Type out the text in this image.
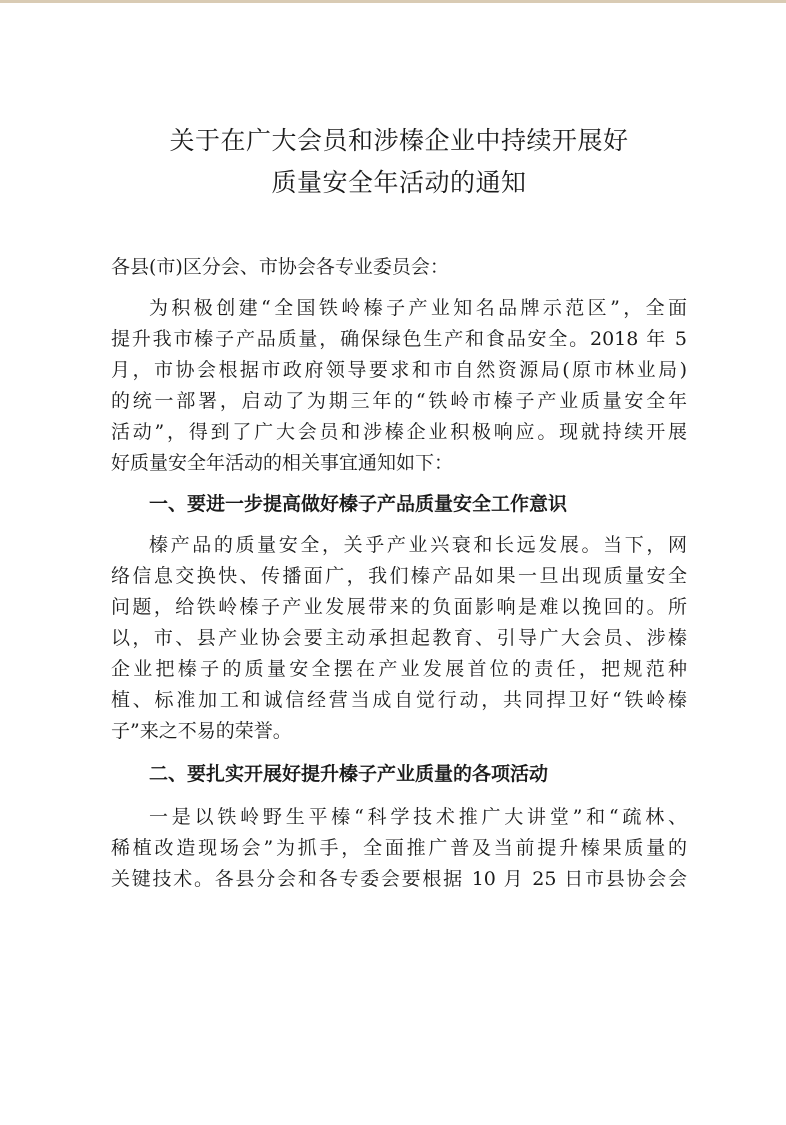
关于在广大会员和涉榛企业中持续开展好
质量安全年活动的通知

各县(市)区分会、市协会各专业委员会：

为积极创建“全国铁岭榛子产业知名品牌示范区”，全面
提升我市榛子产品质量，确保绿色生产和食品安全。2018 年 5
月，市协会根据市政府领导要求和市自然资源局(原市林业局)
的统一部署，启动了为期三年的“铁岭市榛子产业质量安全年
活动”，得到了广大会员和涉榛企业积极响应。现就持续开展
好质量安全年活动的相关事宜通知如下：

一、要进一步提高做好榛子产品质量安全工作意识

榛产品的质量安全，关乎产业兴衰和长远发展。当下，网
络信息交换快、传播面广，我们榛产品如果一旦出现质量安全
问题，给铁岭榛子产业发展带来的负面影响是难以挽回的。所
以，市、县产业协会要主动承担起教育、引导广大会员、涉榛
企业把榛子的质量安全摆在产业发展首位的责任，把规范种
植、标准加工和诚信经营当成自觉行动，共同捍卫好“铁岭榛
子”来之不易的荣誉。

二、要扎实开展好提升榛子产业质量的各项活动

一是以铁岭野生平榛“科学技术推广大讲堂”和“疏林、
稀植改造现场会”为抓手，全面推广普及当前提升榛果质量的
关键技术。各县分会和各专委会要根据 10 月 25 日市县协会会
